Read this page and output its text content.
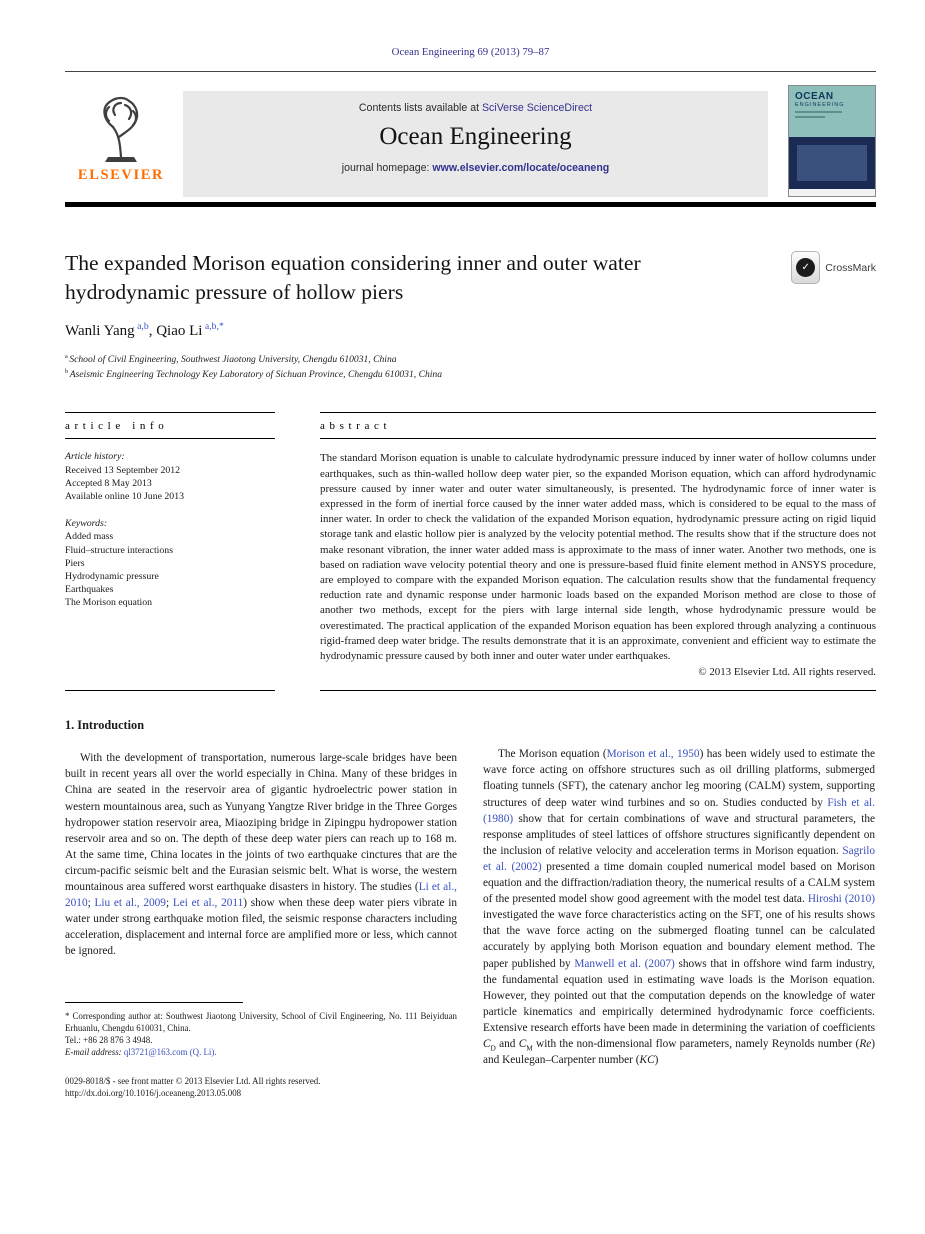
Ocean Engineering 69 (2013) 79–87
ELSEVIER
Contents lists available at SciVerse ScienceDirect
Ocean Engineering
journal homepage: www.elsevier.com/locate/oceaneng
OCEAN
ENGINEERING
The expanded Morison equation considering inner and outer water hydrodynamic pressure of hollow piers
✓	CrossMark
Wanli Yang $^{a,b}$, Qiao Li $^{a,b,*}$
$^a$ School of Civil Engineering, Southwest Jiaotong University, Chengdu 610031, China
$^b$ Aseismic Engineering Technology Key Laboratory of Sichuan Province, Chengdu 610031, China
article info
Article history:
Received 13 September 2012
Accepted 8 May 2013
Available online 10 June 2013
Keywords:
Added mass
Fluid–structure interactions
Piers
Hydrodynamic pressure
Earthquakes
The Morison equation
abstract

The standard Morison equation is unable to calculate hydrodynamic pressure induced by inner water of hollow columns under earthquakes, such as thin-walled hollow deep water pier, so the expanded Morison equation, which can afford hydrodynamic pressure caused by inner water and outer water simultaneously, is presented. The hydrodynamic force of inner water is expressed in the form of inertial force caused by the inner water added mass, which is considered to be equal to the mass of inner water. In order to check the validation of the expanded Morison equation, hydrodynamic pressure acting on rigid liquid storage tank and elastic hollow pier is analyzed by the velocity potential method. The results show that if the structure does not make resonant vibration, the inner water added mass is approximate to the mass of inner water. Another two methods, one is based on radiation wave velocity potential theory and one is pressure-based fluid finite element method in ANSYS procedure, are employed to compare with the expanded Morison equation. The calculation results show that the fundamental frequency reduction rate and dynamic response under harmonic loads based on the expanded Morison method are close to those of another two methods, except for the piers with large internal side length, whose hydrodynamic pressure would be overestimated. The practical application of the expanded Morison equation has been explored through analyzing a continuous rigid-framed deep water bridge. The results demonstrate that it is an approximate, convenient and efficient way to estimate the hydrodynamic pressure caused by both inner and outer water under earthquakes.

© 2013 Elsevier Ltd. All rights reserved.
1. Introduction

With the development of transportation, numerous large-scale bridges have been built in recent years all over the world especially in China. Many of these bridges in China are seated in the reservoir area of gigantic hydroelectric power station in western mountainous area, such as Yunyang Yangtze River bridge in the Three Gorges hydropower station reservoir area, Miaoziping bridge in Zipingpu hydropower station reservoir area and so on. The depth of these deep water piers can reach up to 168 m. At the same time, China locates in the joints of two earthquake cinctures that are the circum-pacific seismic belt and the Eurasian seismic belt. What is worse, the western mountainous area suffered worst earthquake disasters in history. The studies (Li et al., 2010; Liu et al., 2009; Lei et al., 2011) show when these deep water piers vibrate in water under strong earthquake motion filed, the seismic response characters including acceleration, displacement and internal force are amplified more or less, which cannot be ignored.

* Corresponding author at: Southwest Jiaotong University, School of Civil Engineering, No. 111 Beiyiduan Erhuanlu, Chengdu 610031, China.

Tel.: +86 28 876 3 4948.

E-mail address: ql3721@163.com (Q. Li).

0029-8018/$ - see front matter © 2013 Elsevier Ltd. All rights reserved.
http://dx.doi.org/10.1016/j.oceaneng.2013.05.008

The Morison equation (Morison et al., 1950) has been widely used to estimate the wave force acting on offshore structures such as oil drilling platforms, submerged floating tunnels (SFT), the catenary anchor leg mooring (CALM) system, supporting structures of deep water wind turbines and so on. Studies conducted by Fish et al. (1980) show that for certain combinations of wave and structural parameters, the response amplitudes of steel lattices of offshore structures significantly dependent on the inclusion of relative velocity and acceleration terms in Morison equation. Sagrilo et al. (2002) presented a time domain coupled numerical model based on Morison equation and the diffraction/radiation theory, the numerical results of a CALM system of the presented model show good agreement with the model test data. Hiroshi (2010) investigated the wave force characteristics acting on the SFT, one of his results shows that the wave force acting on the submerged floating tunnel can be calculated accurately by applying both Morison equation and boundary element method. The paper published by Manwell et al. (2007) shows that in offshore wind farm industry, the fundamental equation used in estimating wave loads is the Morison equation. However, they pointed out that the computation depends on the knowledge of water particle kinematics and empirically determined hydrodynamic force coefficients. Extensive research efforts have been made in determining the variation of coefficients $C_D$ and $C_M$ with the non-dimensional flow parameters, namely Reynolds number (Re) and Keulegan–Carpenter number (KC)
